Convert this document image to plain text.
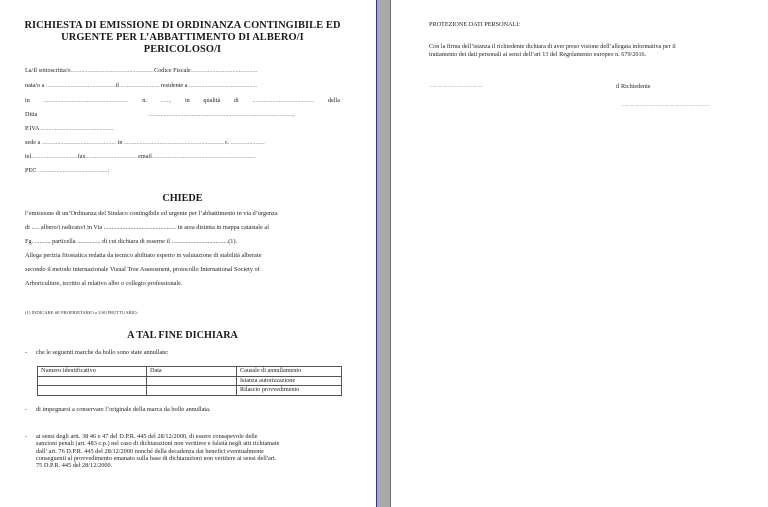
RICHIESTA DI EMISSIONE DI ORDINANZA CONTINGIBILE ED
URGENTE PER L’ABBATTIMENTO DI ALBERO/I
PERICOLOSO/I
La/Il sottoscritta/o......................................................Codice Fiscale...........................................
nata/o a .............................................il ......................... residente a ............................................
in ....................................................... n. ......, in qualità di ........................................ della
Ditta	..............................................................................................,
P.IVA ...............................................
sede a ................................................ in .................................................................n. ......................
tel..............................fax..................................email...................................................................
PEC .............................................;
CHIEDE
l’emissione di un’Ordinanza del Sindaco contingibile ed urgente per l’abbattimento in via d’urgenza
di ..... albero/i radicato/i in Via .............................................. in area distinta in mappa catastale al
Fg. .......... particella ............... di cui dichiara di esserne il ....................................(1).
Allega perizia fitostatica redatta da tecnico abilitato esperto in valutazione di stabilità alberate
secondo il metodo internazionale Visual Tree Assessment, protocollo International Society of
Arboriculture, iscritto al relativo albo o collegio professionale.
(1) INDICARE SE PROPRIETARIO o USUFRUTTUARIO;
A TAL FINE DICHIARA
- che le seguenti marche da bollo sono state annullate:
Numero identificativo	Data	Causale di annullamento
		Istanza autorizzazione
		Rilascio provvedimento
- di impegnarsi a conservare l’originale della marca da bollo annullata.
- ai sensi degli artt. 38 46 e 47 del D.P.R. 445 del 28/12/2000, di essere consapevole delle
sanzioni penali (art. 483 c.p.) nel caso di dichiarazioni non veritiere e falsità negli atti richiamate
dall’ art. 76 D.P.R. 445 del 28/12/2000 nonché della decadenza dai benefici eventualmente
conseguenti al provvedimento emanato sulla base di dichiarazioni non veritiere ai sensi dell'art.
75 D.P.R. 445 del 28/12/2000.
PROTEZIONE DATI PERSONALI:
Con la firma dell’istanza il richiedente dichiara di aver preso visione dell’allegata informativa per il
trattamento dei dati personali ai sensi dell’art 13 del Regolamento europeo n. 679/2016.
..........................................	il Richiedente
......................................................................
